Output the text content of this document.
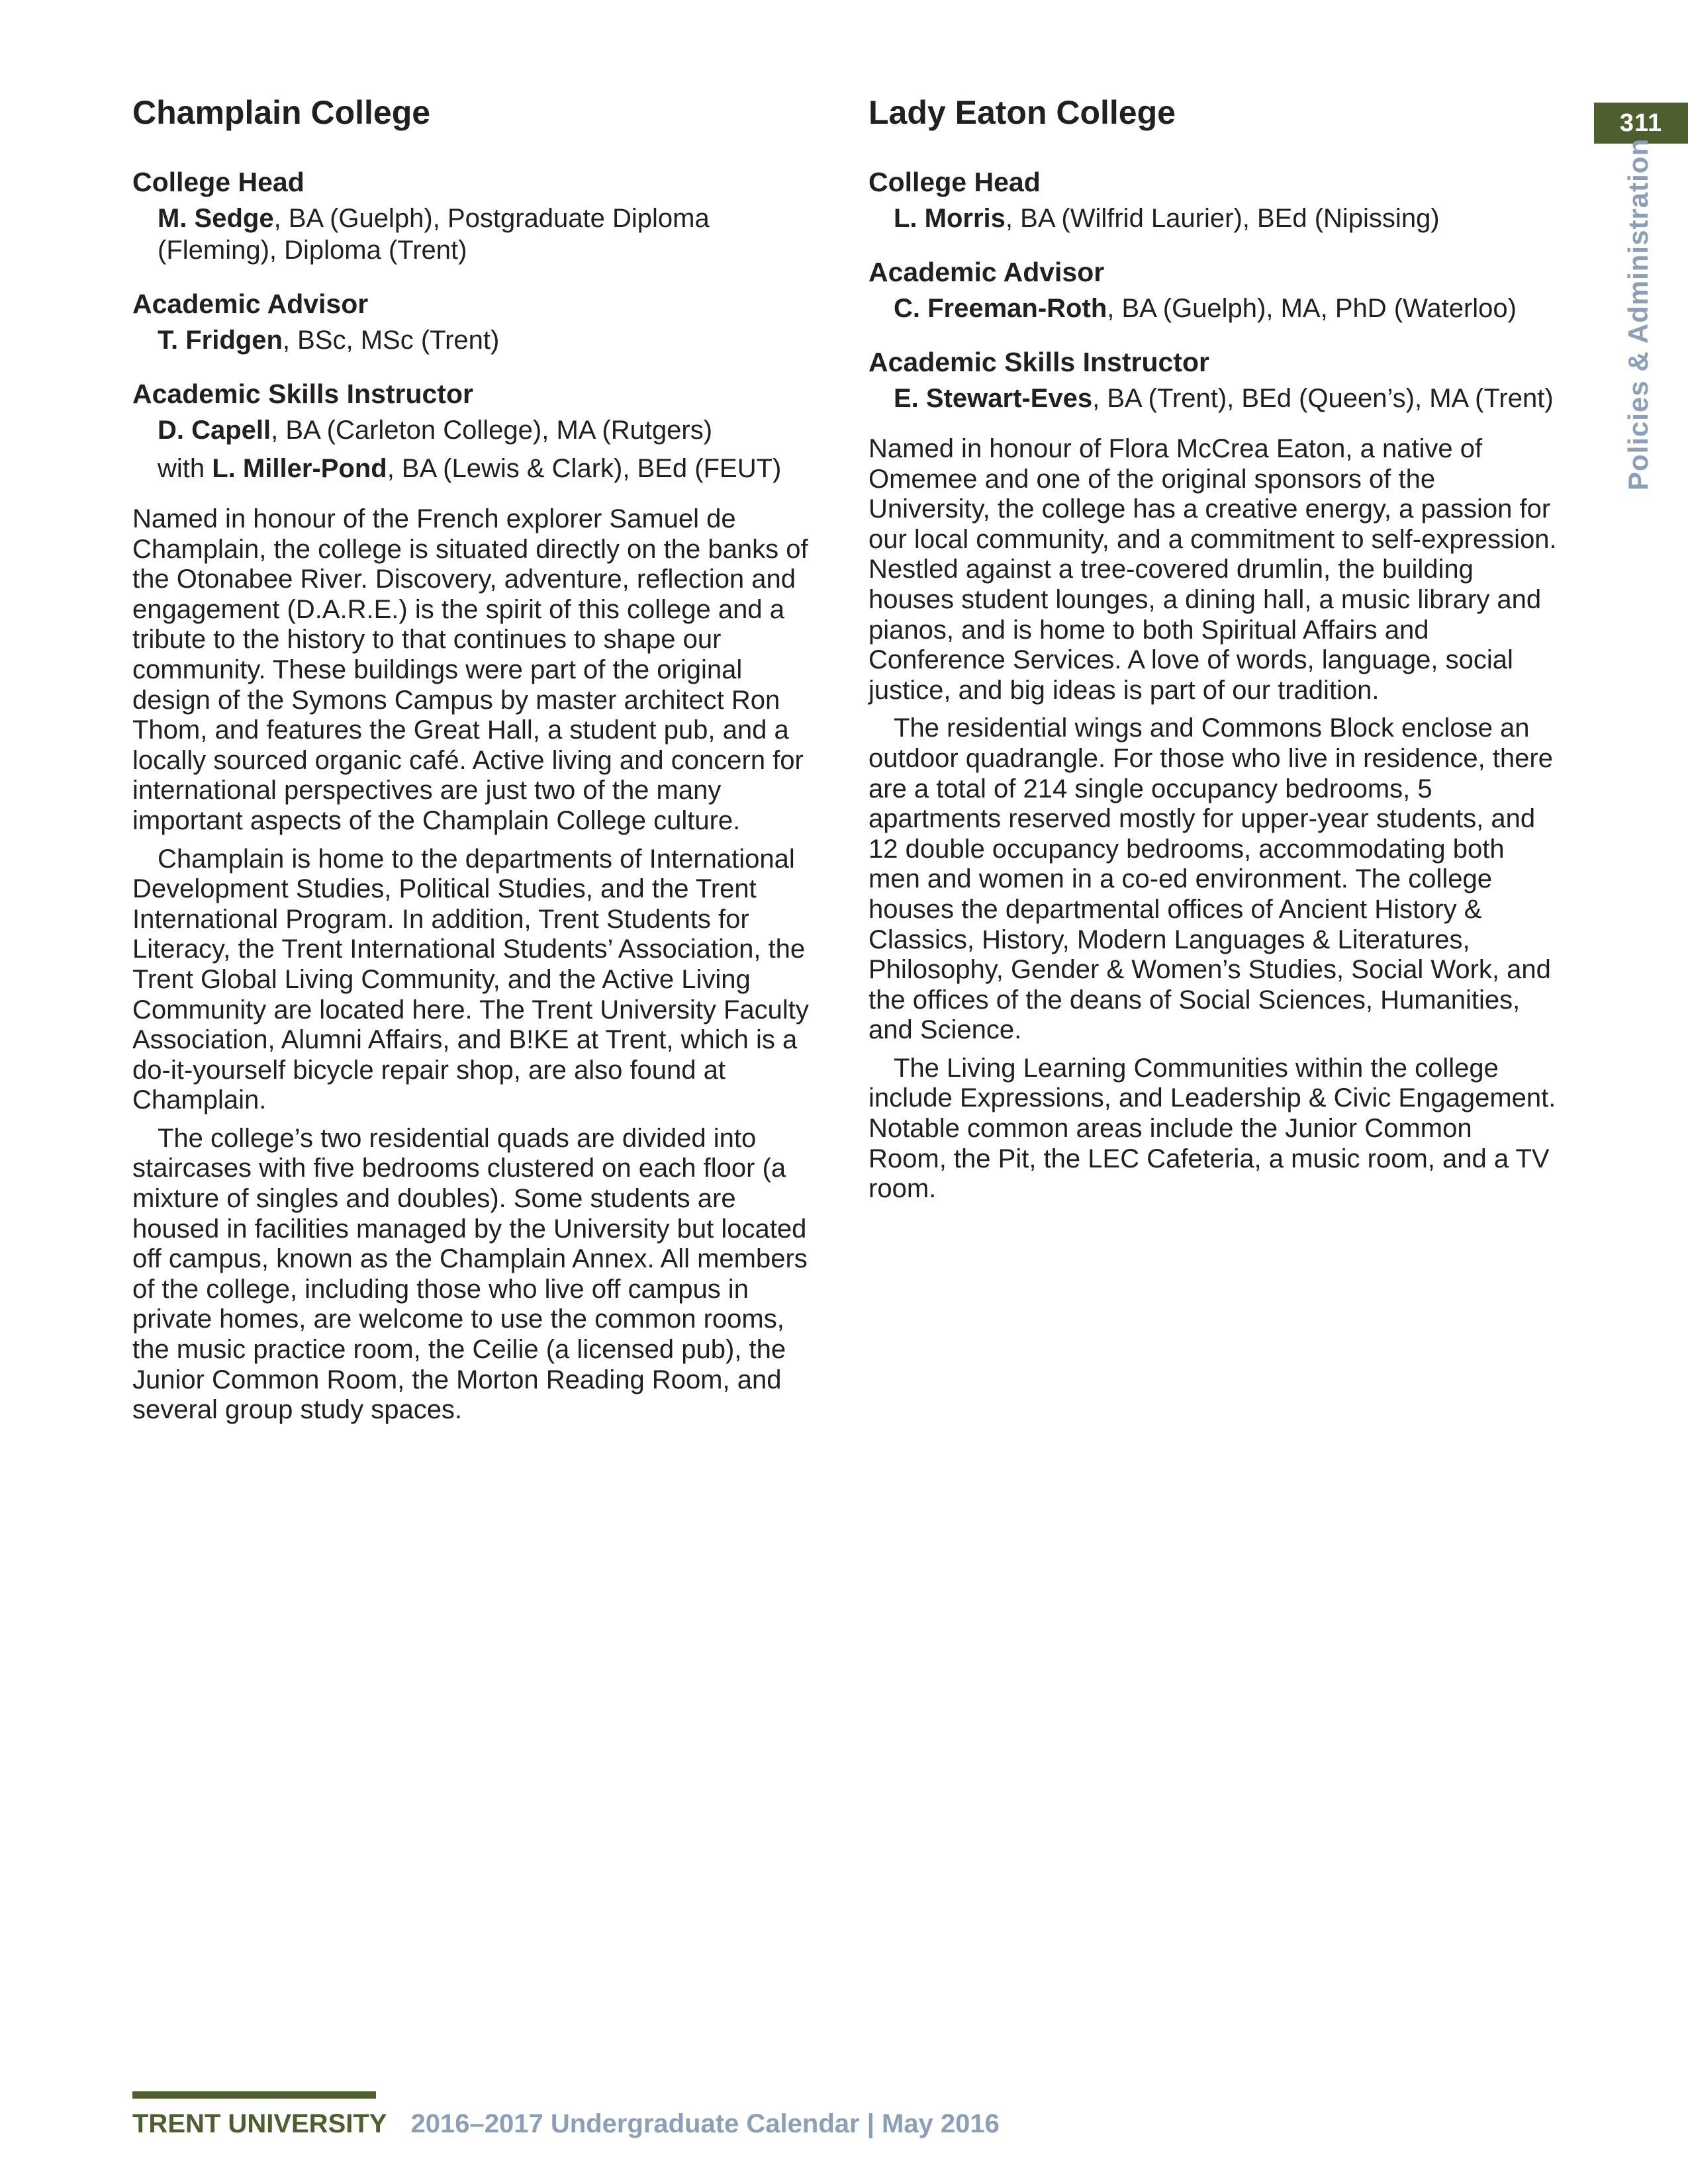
Champlain College
College Head

M. Sedge, BA (Guelph), Postgraduate Diploma (Fleming), Diploma (Trent)

Academic Advisor

T. Fridgen, BSc, MSc (Trent)

Academic Skills Instructor

D. Capell, BA (Carleton College), MA (Rutgers)

with L. Miller-Pond, BA (Lewis & Clark), BEd (FEUT)

Named in honour of the French explorer Samuel de Champlain, the college is situated directly on the banks of the Otonabee River. Discovery, adventure, reflection and engagement (D.A.R.E.) is the spirit of this college and a tribute to the history to that continues to shape our community. These buildings were part of the original design of the Symons Campus by master architect Ron Thom, and features the Great Hall, a student pub, and a locally sourced organic café. Active living and concern for international perspectives are just two of the many important aspects of the Champlain College culture.

Champlain is home to the departments of International Development Studies, Political Studies, and the Trent International Program. In addition, Trent Students for Literacy, the Trent International Students’ Association, the Trent Global Living Community, and the Active Living Community are located here. The Trent University Faculty Association, Alumni Affairs, and B!KE at Trent, which is a do-it-yourself bicycle repair shop, are also found at Champlain.

The college’s two residential quads are divided into staircases with five bedrooms clustered on each floor (a mixture of singles and doubles). Some students are housed in facilities managed by the University but located off campus, known as the Champlain Annex. All members of the college, including those who live off campus in private homes, are welcome to use the common rooms, the music practice room, the Ceilie (a licensed pub), the Junior Common Room, the Morton Reading Room, and several group study spaces.

Lady Eaton College
College Head

L. Morris, BA (Wilfrid Laurier), BEd (Nipissing)

Academic Advisor

C. Freeman-Roth, BA (Guelph), MA, PhD (Waterloo)

Academic Skills Instructor

E. Stewart-Eves, BA (Trent), BEd (Queen’s), MA (Trent)

Named in honour of Flora McCrea Eaton, a native of Omemee and one of the original sponsors of the University, the college has a creative energy, a passion for our local community, and a commitment to self-expression. Nestled against a tree-covered drumlin, the building houses student lounges, a dining hall, a music library and pianos, and is home to both Spiritual Affairs and Conference Services. A love of words, language, social justice, and big ideas is part of our tradition.

The residential wings and Commons Block enclose an outdoor quadrangle. For those who live in residence, there are a total of 214 single occupancy bedrooms, 5 apartments reserved mostly for upper-year students, and 12 double occupancy bedrooms, accommodating both men and women in a co-ed environment. The college houses the departmental offices of Ancient History & Classics, History, Modern Languages & Literatures, Philosophy, Gender & Women’s Studies, Social Work, and the offices of the deans of Social Sciences, Humanities, and Science.

The Living Learning Communities within the college include Expressions, and Leadership & Civic Engagement. Notable common areas include the Junior Common Room, the Pit, the LEC Cafeteria, a music room, and a TV room.

311
Policies & Administration
TRENT UNIVERSITY 2016–2017 Undergraduate Calendar | May 2016
